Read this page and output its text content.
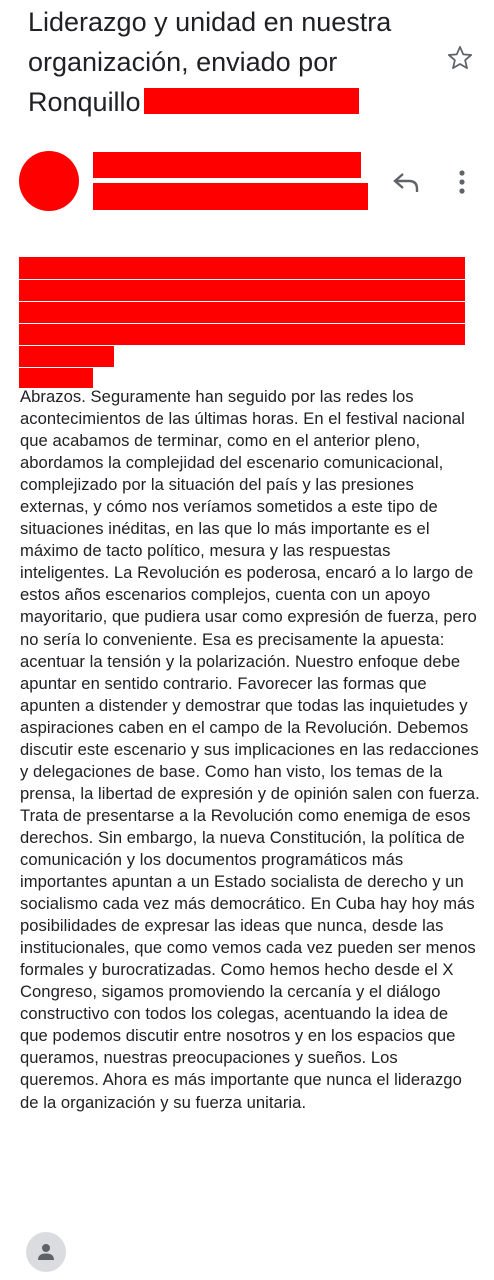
Liderazgo y unidad en nuestra organización, enviado por Ronquillo

Abrazos. Seguramente han seguido por las redes los acontecimientos de las últimas horas. En el festival nacional que acabamos de terminar, como en el anterior pleno, abordamos la complejidad del escenario comunicacional, complejizado por la situación del país y las presiones externas, y cómo nos veríamos sometidos a este tipo de situaciones inéditas, en las que lo más importante es el máximo de tacto político, mesura y las respuestas inteligentes. La Revolución es poderosa, encaró a lo largo de estos años escenarios complejos, cuenta con un apoyo mayoritario, que pudiera usar como expresión de fuerza, pero no sería lo conveniente. Esa es precisamente la apuesta: acentuar la tensión y la polarización. Nuestro enfoque debe apuntar en sentido contrario. Favorecer las formas que apunten a distender y demostrar que todas las inquietudes y aspiraciones caben en el campo de la Revolución. Debemos discutir este escenario y sus implicaciones en las redacciones y delegaciones de base. Como han visto, los temas de la prensa, la libertad de expresión y de opinión salen con fuerza. Trata de presentarse a la Revolución como enemiga de esos derechos. Sin embargo, la nueva Constitución, la política de comunicación y los documentos programáticos más importantes apuntan a un Estado socialista de derecho y un socialismo cada vez más democrático. En Cuba hay hoy más posibilidades de expresar las ideas que nunca, desde las institucionales, que como vemos cada vez pueden ser menos formales y burocratizadas. Como hemos hecho desde el X Congreso, sigamos promoviendo la cercanía y el diálogo constructivo con todos los colegas, acentuando la idea de que podemos discutir entre nosotros y en los espacios que queramos, nuestras preocupaciones y sueños. Los queremos. Ahora es más importante que nunca el liderazgo de la organización y su fuerza unitaria.
